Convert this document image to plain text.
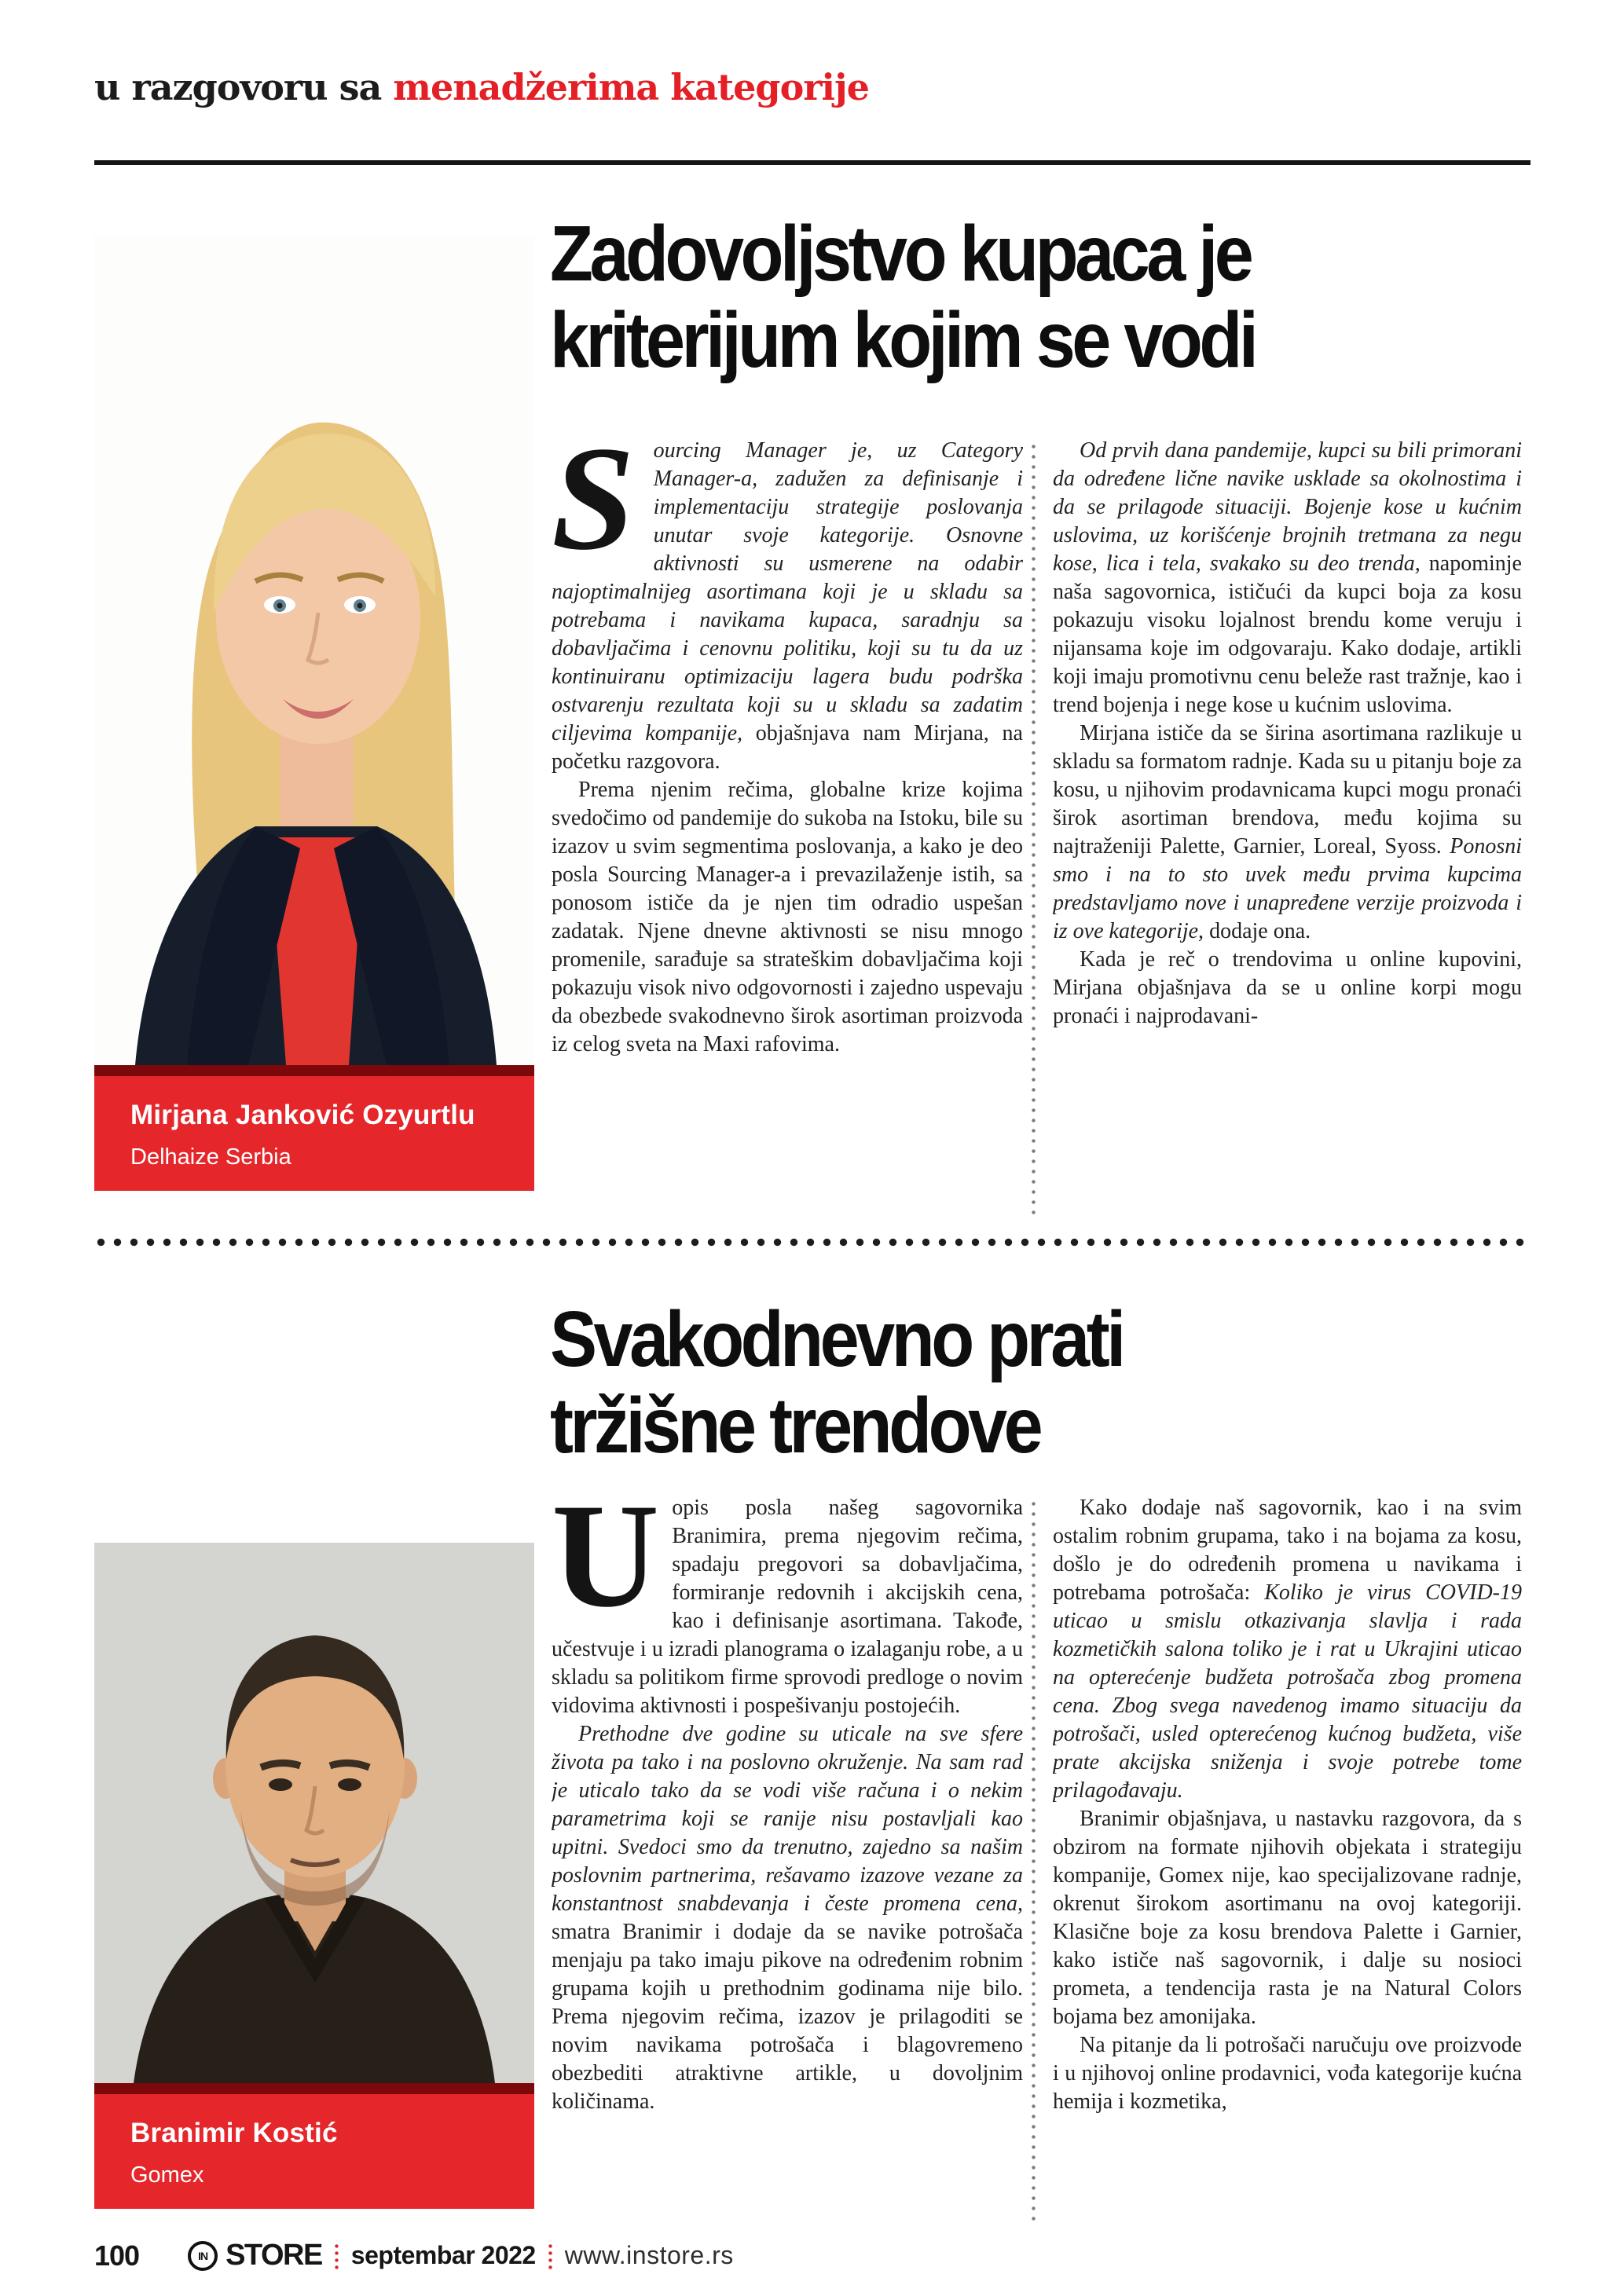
u razgovoru sa menadžerima kategorije
Zadovoljstvo kupaca je
kriterijum kojim se vodi
Mirjana Janković Ozyurtlu
Delhaize Serbia

Sourcing Manager je, uz Category Manager-a, zadužen za definisanje i implementaciju strategije poslovanja unutar svoje kategorije. Osnovne aktivnosti su usmerene na odabir najoptimalnijeg asortimana koji je u skladu sa potrebama i navikama kupaca, saradnju sa dobavljačima i cenovnu politiku, koji su tu da uz kontinuiranu optimizaciju lagera budu podrška ostvarenju rezultata koji su u skladu sa zadatim ciljevima kompanije, objašnjava nam Mirjana, na početku razgovora.

Prema njenim rečima, globalne krize kojima svedočimo od pandemije do sukoba na Istoku, bile su izazov u svim segmentima poslovanja, a kako je deo posla Sourcing Manager-a i prevazilaženje istih, sa ponosom ističe da je njen tim odradio uspešan zadatak. Njene dnevne aktivnosti se nisu mnogo promenile, sarađuje sa strateškim dobavljačima koji pokazuju visok nivo odgovornosti i zajedno uspevaju da obezbede svakodnevno širok asortiman proizvoda iz celog sveta na Maxi rafovima.

Od prvih dana pandemije, kupci su bili primorani da određene lične navike usklade sa okolnostima i da se prilagode situaciji. Bojenje kose u kućnim uslovima, uz korišćenje brojnih tretmana za negu kose, lica i tela, svakako su deo trenda, napominje naša sagovornica, ističući da kupci boja za kosu pokazuju visoku lojalnost brendu kome veruju i nijansama koje im odgovaraju. Kako dodaje, artikli koji imaju promotivnu cenu beleže rast tražnje, kao i trend bojenja i nege kose u kućnim uslovima.

Mirjana ističe da se širina asortimana razlikuje u skladu sa formatom radnje. Kada su u pitanju boje za kosu, u njihovim prodavnicama kupci mogu pronaći širok asortiman brendova, među kojima su najtraženiji Palette, Garnier, Loreal, Syoss. Ponosni smo i na to sto uvek među prvima kupcima predstavljamo nove i unapređene verzije proizvoda i iz ove kategorije, dodaje ona.

Kada je reč o trendovima u online kupovini, Mirjana objašnjava da se u online korpi mogu pronaći i najprodavani-

Svakodnevno prati
tržišne trendove
Branimir Kostić
Gomex

Uopis posla našeg sagovornika Branimira, prema njegovim rečima, spadaju pregovori sa dobavljačima, formiranje redovnih i akcijskih cena, kao i definisanje asortimana. Takođe, učestvuje i u izradi planograma o izalaganju robe, a u skladu sa politikom firme sprovodi predloge o novim vidovima aktivnosti i pospešivanju postojećih.

Prethodne dve godine su uticale na sve sfere života pa tako i na poslovno okruženje. Na sam rad je uticalo tako da se vodi više računa i o nekim parametrima koji se ranije nisu postavljali kao upitni. Svedoci smo da trenutno, zajedno sa našim poslovnim partnerima, rešavamo izazove vezane za konstantnost snabdevanja i česte promena cena, smatra Branimir i dodaje da se navike potrošača menjaju pa tako imaju pikove na određenim robnim grupama kojih u prethodnim godinama nije bilo. Prema njegovim rečima, izazov je prilagoditi se novim navikama potrošača i blagovremeno obezbediti atraktivne artikle, u dovoljnim količinama.

Kako dodaje naš sagovornik, kao i na svim ostalim robnim grupama, tako i na bojama za kosu, došlo je do određenih promena u navikama i potrebama potrošača: Koliko je virus COVID-19 uticao u smislu otkazivanja slavlja i rada kozmetičkih salona toliko je i rat u Ukrajini uticao na opterećenje budžeta potrošača zbog promena cena. Zbog svega navedenog imamo situaciju da potrošači, usled opterećenog kućnog budžeta, više prate akcijska sniženja i svoje potrebe tome prilagođavaju.

Branimir objašnjava, u nastavku razgovora, da s obzirom na formate njihovih objekata i strategiju kompanije, Gomex nije, kao specijalizovane radnje, okrenut širokom asortimanu na ovoj kategoriji. Klasične boje za kosu brendova Palette i Garnier, kako ističe naš sagovornik, i dalje su nosioci prometa, a tendencija rasta je na Natural Colors bojama bez amonijaka.

Na pitanje da li potrošači naručuju ove proizvode i u njihovoj online prodavnici, vođa kategorije kućna hemija i kozmetika,

100	IN STORE septembar 2022 www.instore.rs
